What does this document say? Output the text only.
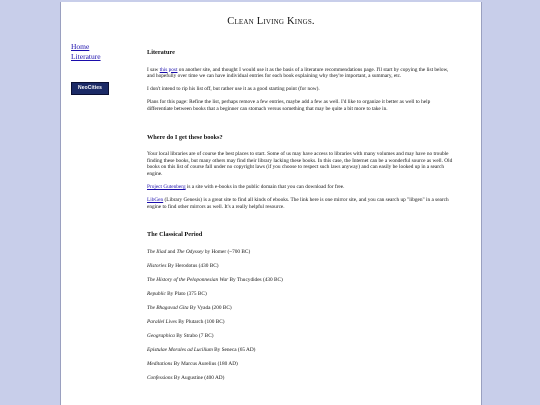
Clean Living Kings.
Home
Literature
NeoCities
Literature

I saw this post on another site, and thought I would use it as the basis of a literature recommendations page. I'll start by copying the list below, and hopefully over time we can have individual entries for each book explaining why they're important, a summary, etc.

I don't intend to rip his list off, but rather use it as a good starting point (for now).

Plans for this page: Refine the list, perhaps remove a few entries, maybe add a few as well. I'd like to organize it better as well to help differentiate between books that a beginner can stomach versus something that may be quite a bit more to take in.

Where do I get these books?

Your local libraries are of course the best places to start. Some of us may have access to libraries with many volumes and may have no trouble finding these books, but many others may find their library lacking these books. In this case, the Internet can be a wonderful source as well. Old books on this list of course fall under no copyright laws (if you choose to respect such laws anyway) and can easily be looked up in a search engine.

Project Gutenberg is a site with e-books in the public domain that you can download for free.

LibGen (Library Genesis) is a great site to find all kinds of ebooks. The link here is one mirror site, and you can search up "libgen" in a search engine to find other mirrors as well. It's a really helpful resource.

The Classical Period

The Iliad and The Odyssey by Homer (~700 BC)

Histories By Herodotus (430 BC)

The History of the Peloponnesian War By Thucydides (430 BC)

Republic By Plato (375 BC)

The Bhagavad Gita By Vyada (200 BC)

Parallel Lives By Plutarch (100 BC)

Geographica By Strabo (7 BC)

Epistulae Morales ad Lucilium By Seneca (65 AD)

Meditations By Marcus Aurelius (180 AD)

Confessions By Augustine (400 AD)
